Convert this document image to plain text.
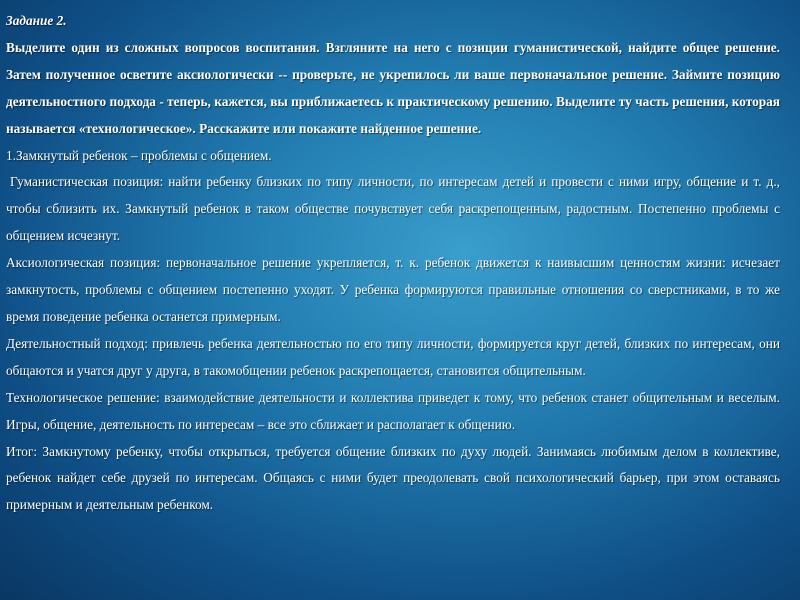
Задание 2.

Выделите один из сложных вопросов воспитания. Взгляните на него с позиции гуманистической, найдите общее решение. Затем полученное осветите аксиологически -- проверьте, не укрепилось ли ваше первоначальное решение. Займите позицию деятельностного подхода - теперь, кажется, вы приближаетесь к практическому решению. Выделите ту часть решения, которая называется «технологическое». Расскажите или покажите найденное решение.

1.Замкнутый ребенок – проблемы с общением.

Гуманистическая позиция: найти ребенку близких по типу личности, по интересам детей и провести с ними игру, общение и т. д., чтобы сблизить их. Замкнутый ребенок в таком обществе почувствует себя раскрепощенным, радостным. Постепенно проблемы с общением исчезнут.

Аксиологическая позиция: первоначальное решение укрепляется, т. к. ребенок движется к наивысшим ценностям жизни: исчезает замкнутость, проблемы с общением постепенно уходят. У ребенка формируются правильные отношения со сверстниками, в то же время поведение ребенка останется примерным.

Деятельностный подход: привлечь ребенка деятельностью по его типу личности, формируется круг детей, близких по интересам, они общаются и учатся друг у друга, в такомобщении ребенок раскрепощается, становится общительным.

Технологическое решение: взаимодействие деятельности и коллектива приведет к тому, что ребенок станет общительным и веселым. Игры, общение, деятельность по интересам – все это сближает и располагает к общению.

Итог: Замкнутому ребенку, чтобы открыться, требуется общение близких по духу людей. Занимаясь любимым делом в коллективе, ребенок найдет себе друзей по интересам. Общаясь с ними будет преодолевать свой психологический барьер, при этом оставаясь примерным и деятельным ребенком.
